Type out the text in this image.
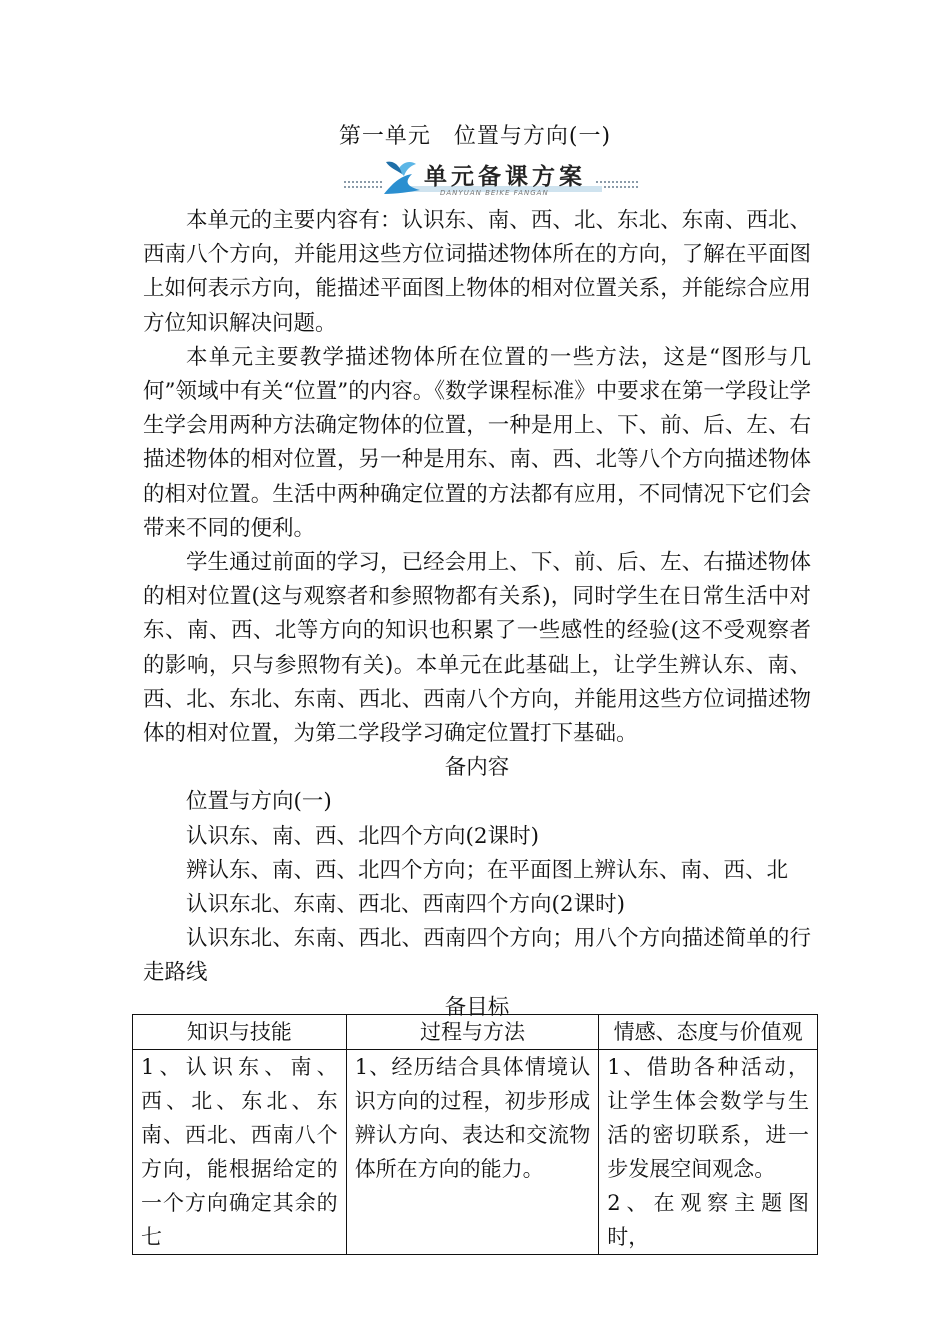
第一单元　位置与方向(一)
单元备课方案
DANYUAN BEIKE FANGAN

本单元的主要内容有：认识东、南、西、北、东北、东南、西北、西南八个方向，并能用这些方位词描述物体所在的方向，了解在平面图上如何表示方向，能描述平面图上物体的相对位置关系，并能综合应用方位知识解决问题。

本单元主要教学描述物体所在位置的一些方法，这是“图形与几何”领域中有关“位置”的内容。《数学课程标准》中要求在第一学段让学生学会用两种方法确定物体的位置，一种是用上、下、前、后、左、右描述物体的相对位置，另一种是用东、南、西、北等八个方向描述物体的相对位置。生活中两种确定位置的方法都有应用，不同情况下它们会带来不同的便利。

学生通过前面的学习，已经会用上、下、前、后、左、右描述物体的相对位置(这与观察者和参照物都有关系)，同时学生在日常生活中对东、南、西、北等方向的知识也积累了一些感性的经验(这不受观察者的影响，只与参照物有关)。本单元在此基础上，让学生辨认东、南、西、北、东北、东南、西北、西南八个方向，并能用这些方位词描述物体的相对位置，为第二学段学习确定位置打下基础。

备内容

位置与方向(一)

认识东、南、西、北四个方向(2课时)

辨认东、南、西、北四个方向；在平面图上辨认东、南、西、北

认识东北、东南、西北、西南四个方向(2课时)

认识东北、东南、西北、西南四个方向；用八个方向描述简单的行走路线

备目标

知识与技能	过程与方法	情感、态度与价值观
1、认识东、南、西、北、东北、东南、西北、西南八个方向，能根据给定的一个方向确定其余的七	1、经历结合具体情境认识方向的过程，初步形成辨认方向、表达和交流物体所在方向的能力。	1、借助各种活动，让学生体会数学与生活的密切联系，进一步发展空间观念。
2、在观察主题图时，
